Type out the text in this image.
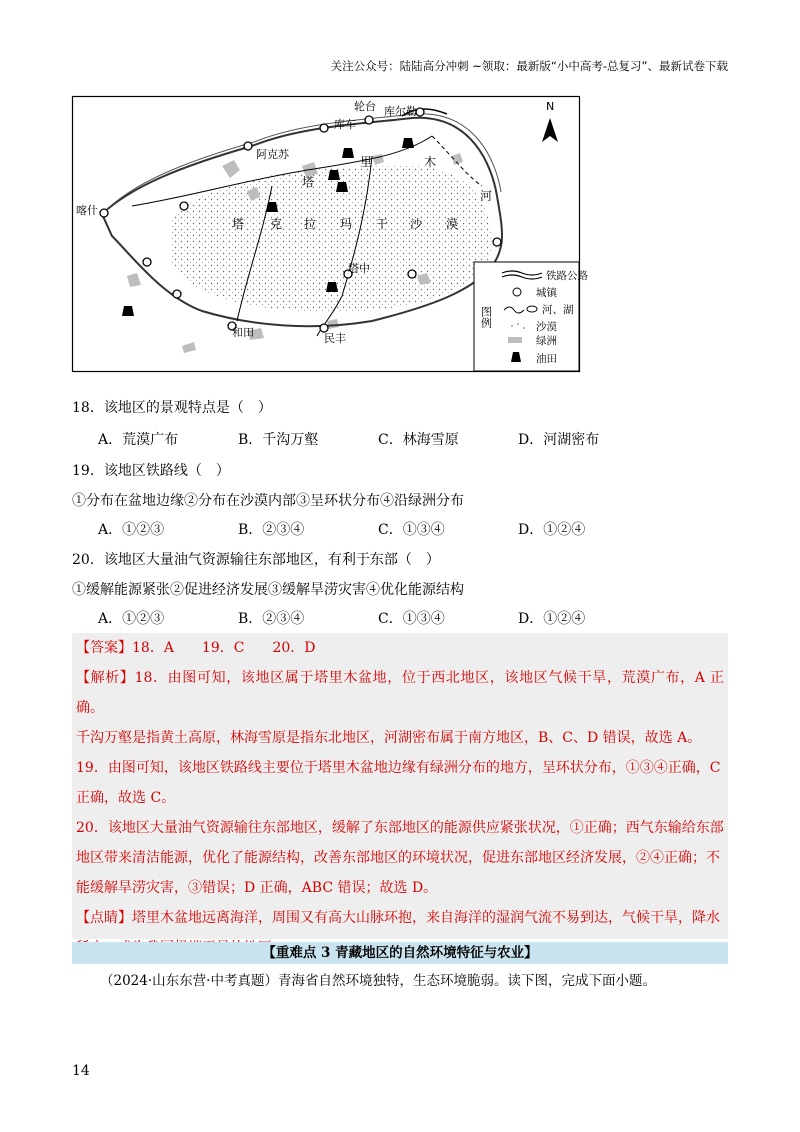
关注公众号：陆陆高分冲刺 ~领取：最新版“小中高考-总复习”、最新试卷下载
轮台 库尔勒
库车
阿克苏
喀什
和田	民丰
塔中
塔 克 拉 玛 干 沙 漠
塔
里	木
河
N
图例
铁路公路
城镇
河、湖
沙漠
绿洲
油田
18．该地区的景观特点是（　）
A．荒漠广布	B．千沟万壑	C．林海雪原	D．河湖密布
19．该地区铁路线（　）
①分布在盆地边缘②分布在沙漠内部③呈环状分布④沿绿洲分布
A．①②③	B．②③④	C．①③④	D．①②④
20．该地区大量油气资源输往东部地区，有利于东部（　）
①缓解能源紧张②促进经济发展③缓解旱涝灾害④优化能源结构
A．①②③	B．②③④	C．①③④	D．①②④

【答案】18．A　　19．C　　20．D

【解析】18．由图可知，该地区属于塔里木盆地，位于西北地区，该地区气候干旱，荒漠广布，A 正确。

千沟万壑是指黄土高原，林海雪原是指东北地区，河湖密布属于南方地区，B、C、D 错误，故选 A。

19．由图可知，该地区铁路线主要位于塔里木盆地边缘有绿洲分布的地方，呈环状分布，①③④正确，C

正确，故选 C。

20．该地区大量油气资源输往东部地区，缓解了东部地区的能源供应紧张状况，①正确；西气东输给东部

地区带来清洁能源，优化了能源结构，改善东部地区的环境状况，促进东部地区经济发展，②④正确；不

能缓解旱涝灾害，③错误；D 正确，ABC 错误；故选 D。

【点睛】塔里木盆地远离海洋，周围又有高大山脉环抱，来自海洋的湿润气流不易到达，气候干旱，降水

【重难点 3 青藏地区的自然环境特征与农业】
（2024·山东东营·中考真题）青海省自然环境独特，生态环境脆弱。读下图，完成下面小题。
14
